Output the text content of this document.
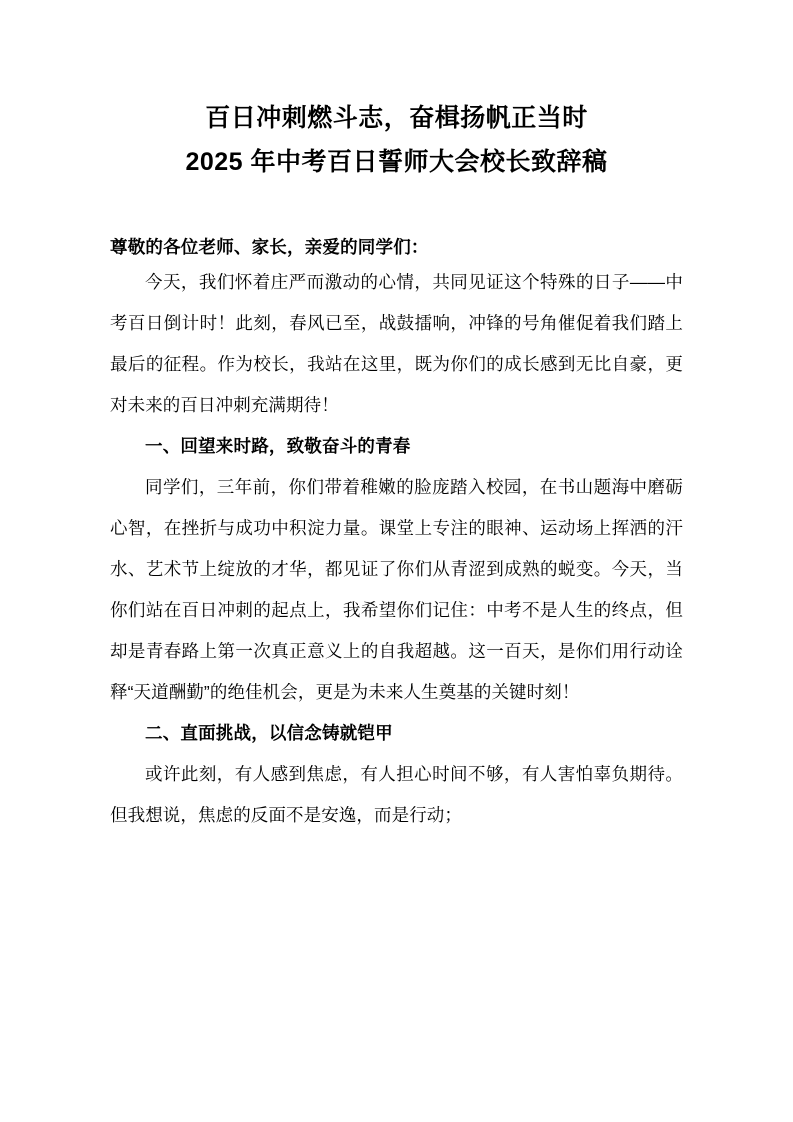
百日冲刺燃斗志，奋楫扬帆正当时
2025 年中考百日誓师大会校长致辞稿

尊敬的各位老师、家长，亲爱的同学们：

今天，我们怀着庄严而激动的心情，共同见证这个特殊的日子——中考百日倒计时！此刻，春风已至，战鼓擂响，冲锋的号角催促着我们踏上最后的征程。作为校长，我站在这里，既为你们的成长感到无比自豪，更对未来的百日冲刺充满期待！

一、回望来时路，致敬奋斗的青春

同学们，三年前，你们带着稚嫩的脸庞踏入校园，在书山题海中磨砺心智，在挫折与成功中积淀力量。课堂上专注的眼神、运动场上挥洒的汗水、艺术节上绽放的才华，都见证了你们从青涩到成熟的蜕变。今天，当你们站在百日冲刺的起点上，我希望你们记住：中考不是人生的终点，但却是青春路上第一次真正意义上的自我超越。这一百天，是你们用行动诠释“天道酬勤”的绝佳机会，更是为未来人生奠基的关键时刻！

二、直面挑战，以信念铸就铠甲

或许此刻，有人感到焦虑，有人担心时间不够，有人害怕辜负期待。但我想说，焦虑的反面不是安逸，而是行动；
